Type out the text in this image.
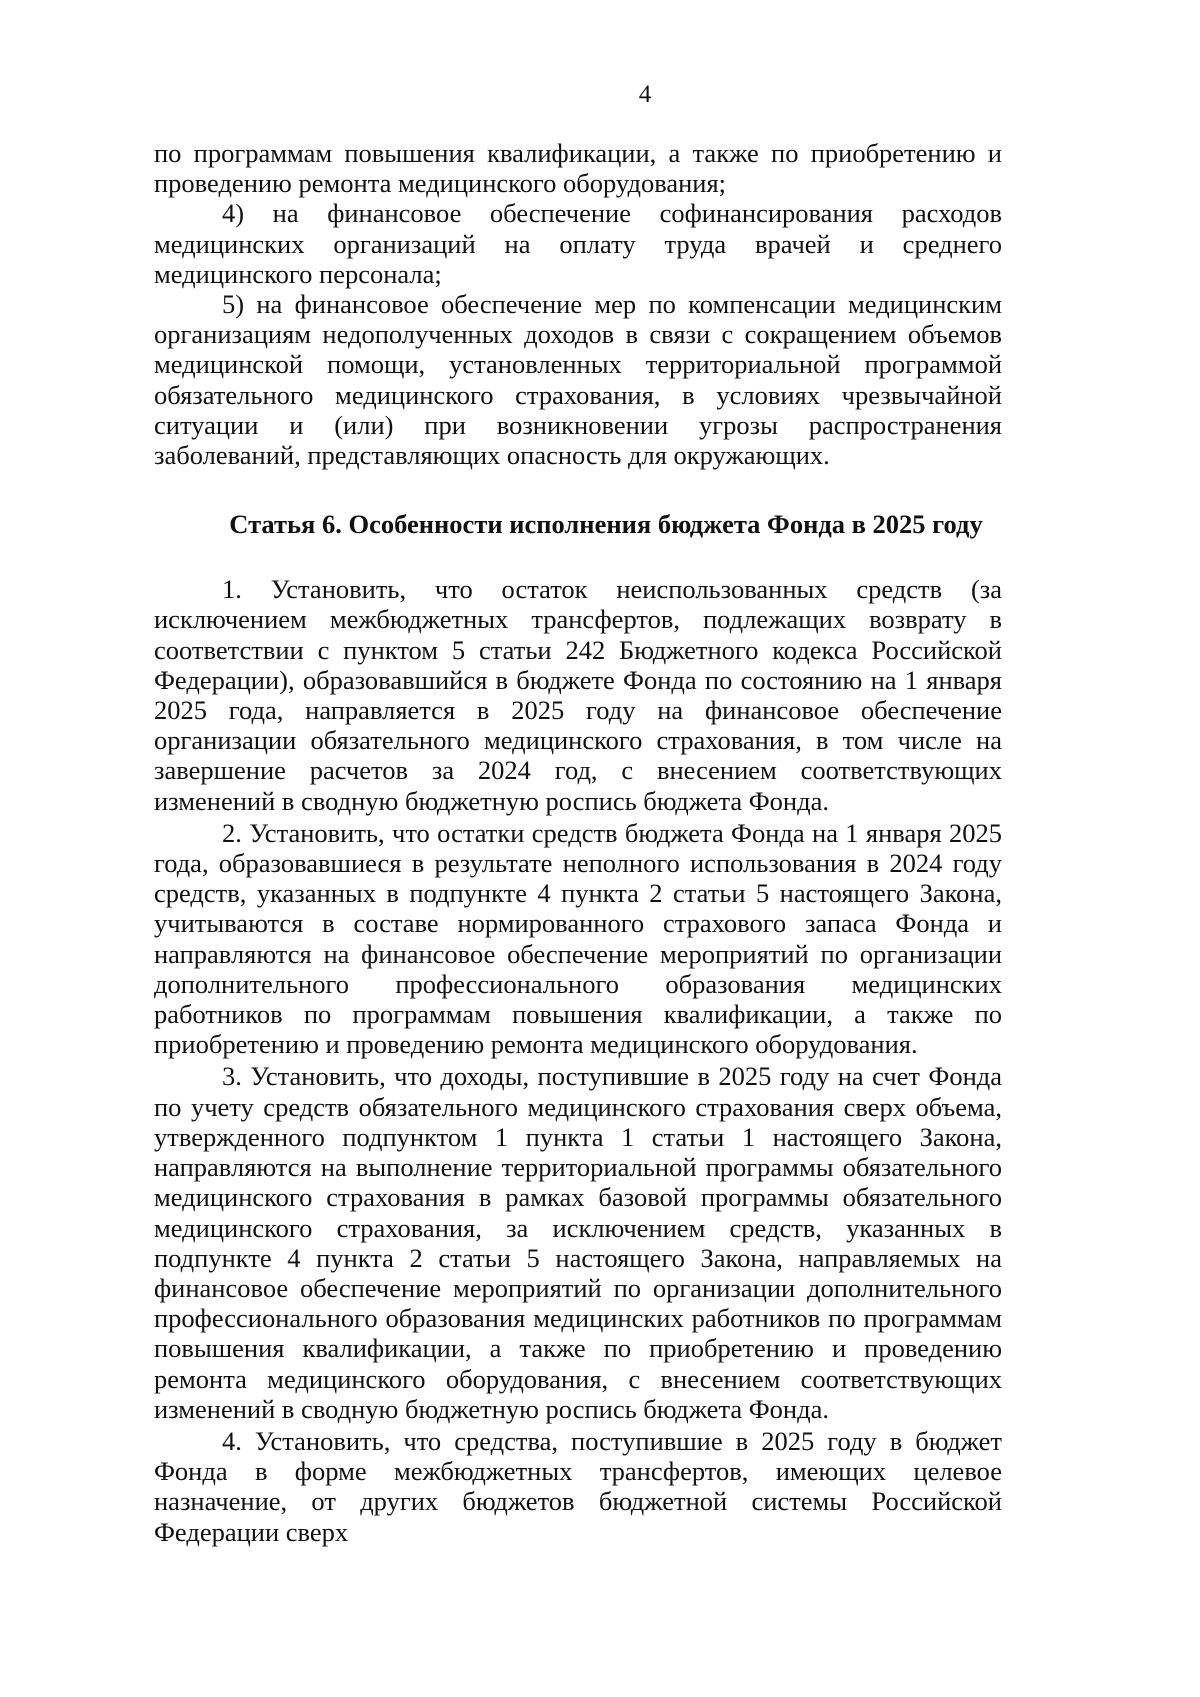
4

по программам повышения квалификации, а также по приобретению и проведению ремонта медицинского оборудования;

4) на финансовое обеспечение софинансирования расходов медицинских организаций на оплату труда врачей и среднего медицинского персонала;

5) на финансовое обеспечение мер по компенсации медицинским организациям недополученных доходов в связи с сокращением объемов медицинской помощи, установленных территориальной программой обязательного медицинского страхования, в условиях чрезвычайной ситуации и (или) при возникновении угрозы распространения заболеваний, представляющих опасность для окружающих.

Статья 6. Особенности исполнения бюджета Фонда в 2025 году

1. Установить, что остаток неиспользованных средств (за исключением межбюджетных трансфертов, подлежащих возврату в соответствии с пунктом 5 статьи 242 Бюджетного кодекса Российской Федерации), образовавшийся в бюджете Фонда по состоянию на 1 января 2025 года, направляется в 2025 году на финансовое обеспечение организации обязательного медицинского страхования, в том числе на завершение расчетов за 2024 год, с внесением соответствующих изменений в сводную бюджетную роспись бюджета Фонда.

2. Установить, что остатки средств бюджета Фонда на 1 января 2025 года, образовавшиеся в результате неполного использования в 2024 году средств, указанных в подпункте 4 пункта 2 статьи 5 настоящего Закона, учитываются в составе нормированного страхового запаса Фонда и направляются на финансовое обеспечение мероприятий по организации дополнительного профессионального образования медицинских работников по программам повышения квалификации, а также по приобретению и проведению ремонта медицинского оборудования.

3. Установить, что доходы, поступившие в 2025 году на счет Фонда по учету средств обязательного медицинского страхования сверх объема, утвержденного подпунктом 1 пункта 1 статьи 1 настоящего Закона, направляются на выполнение территориальной программы обязательного медицинского страхования в рамках базовой программы обязательного медицинского страхования, за исключением средств, указанных в подпункте 4 пункта 2 статьи 5 настоящего Закона, направляемых на финансовое обеспечение мероприятий по организации дополнительного профессионального образования медицинских работников по программам повышения квалификации, а также по приобретению и проведению ремонта медицинского оборудования, с внесением соответствующих изменений в сводную бюджетную роспись бюджета Фонда.

4. Установить, что средства, поступившие в 2025 году в бюджет Фонда в форме межбюджетных трансфертов, имеющих целевое назначение, от других бюджетов бюджетной системы Российской Федерации сверх
